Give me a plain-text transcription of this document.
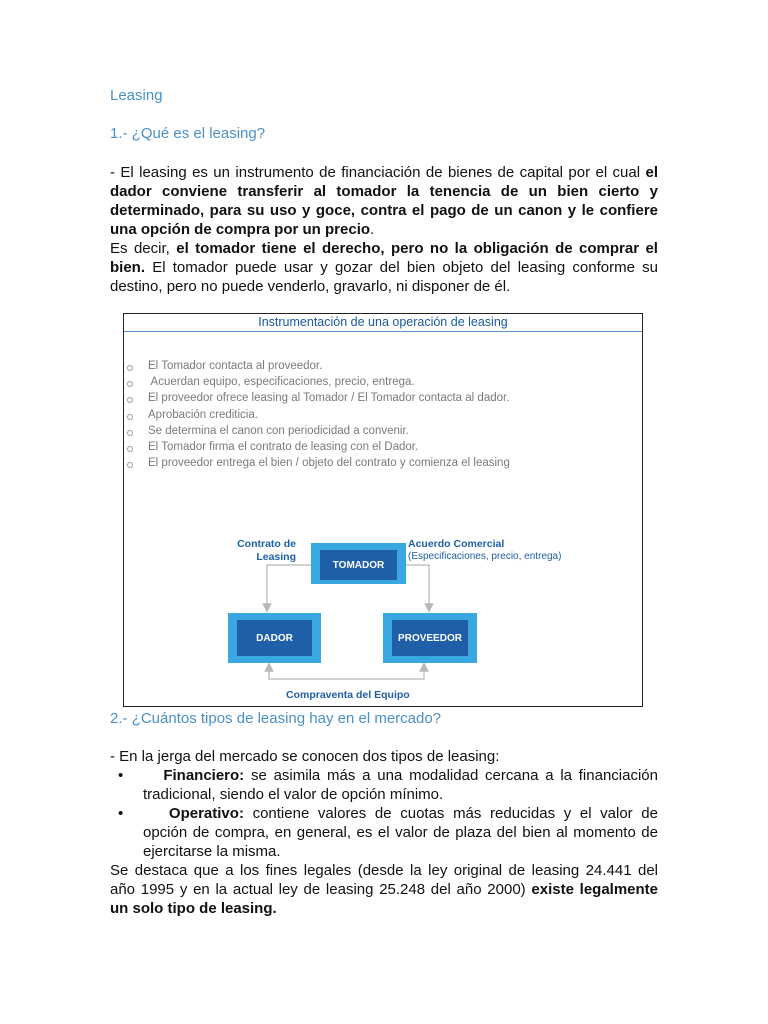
Leasing
1.- ¿Qué es el leasing?
- El leasing es un instrumento de financiación de bienes de capital por el cual el
dador conviene transferir al tomador la tenencia de un bien cierto y
determinado, para su uso y goce, contra el pago de un canon y le confiere
una opción de compra por un precio.
Es decir, el tomador tiene el derecho, pero no la obligación de comprar el
bien. El tomador puede usar y gozar del bien objeto del leasing conforme su
destino, pero no puede venderlo, gravarlo, ni disponer de él.
Instrumentación de una operación de leasing
El Tomador contacta al proveedor.
Acuerdan equipo, especificaciones, precio, entrega.
El proveedor ofrece leasing al Tomador / El Tomador contacta al dador.
Aprobación crediticia.
Se determina el canon con periodicidad a convenir.
El Tomador firma el contrato de leasing con el Dador.
El proveedor entrega el bien / objeto del contrato y comienza el leasing
TOMADOR
DADOR	PROVEEDOR
Contrato de
Leasing
Acuerdo Comercial
(Especificaciones, precio, entrega)
Compraventa del Equipo
2.- ¿Cuántos tipos de leasing hay en el mercado?
- En la jerga del mercado se conocen dos tipos de leasing:
•	Financiero: se asimila más a una modalidad cercana a la financiación
tradicional, siendo el valor de opción mínimo.
•	Operativo: contiene valores de cuotas más reducidas y el valor de
opción de compra, en general, es el valor de plaza del bien al momento de
ejercitarse la misma.
Se destaca que a los fines legales (desde la ley original de leasing 24.441 del
año 1995 y en la actual ley de leasing 25.248 del año 2000) existe legalmente
un solo tipo de leasing.
